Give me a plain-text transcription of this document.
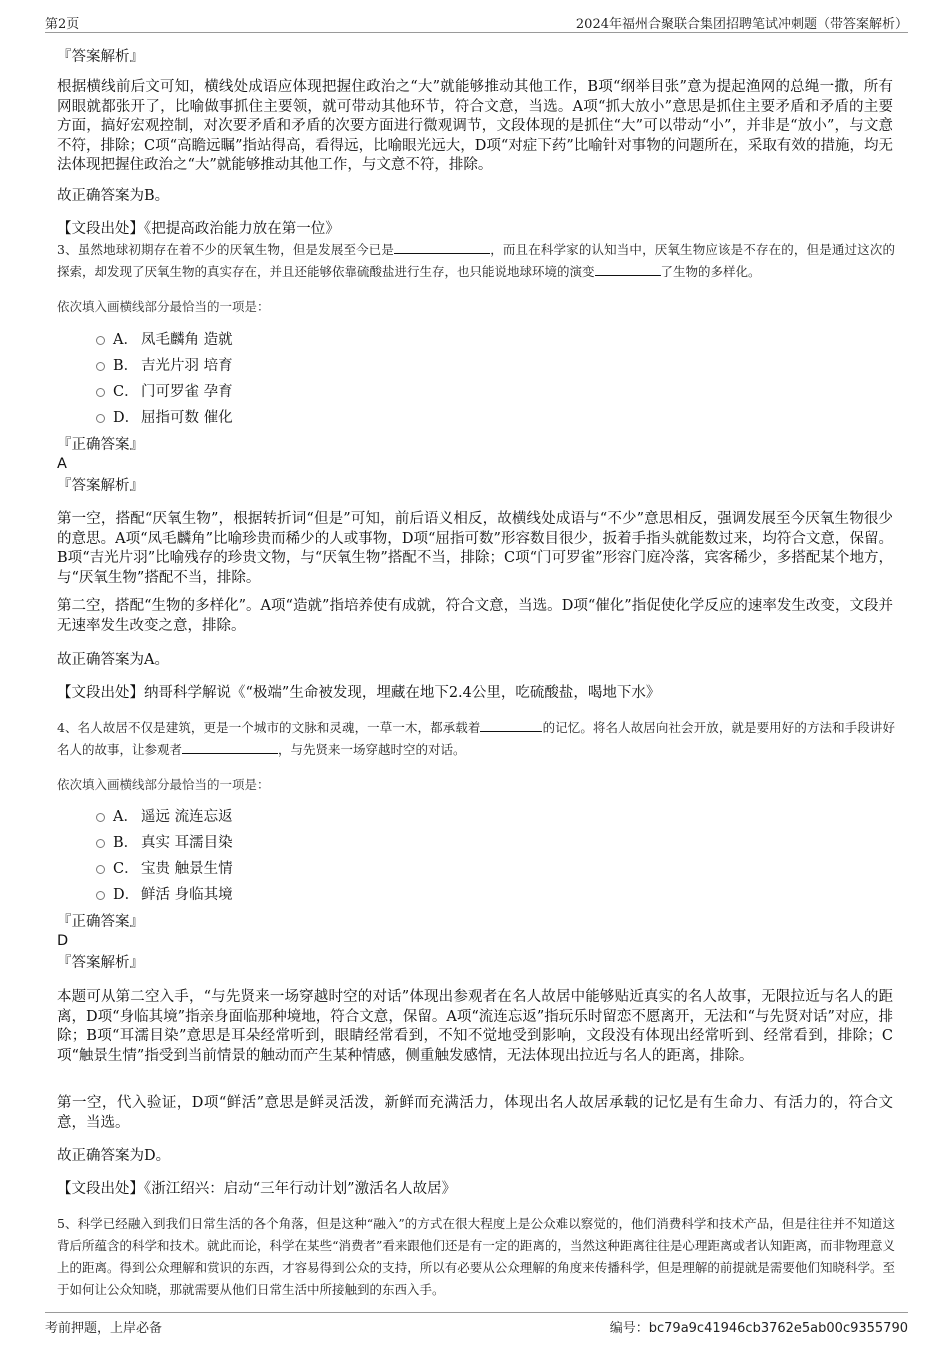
第2页	2024年福州合聚联合集团招聘笔试冲刺题（带答案解析）
『答案解析』
根据横线前后文可知，横线处成语应体现把握住政治之“大”就能够推动其他工作，B项“纲举目张”意为提起渔网的总绳一撒，所有网眼就都张开了，比喻做事抓住主要领，就可带动其他环节，符合文意，当选。A项“抓大放小”意思是抓住主要矛盾和矛盾的主要方面，搞好宏观控制，对次要矛盾和矛盾的次要方面进行微观调节，文段体现的是抓住“大”可以带动“小”，并非是“放小”，与文意不符，排除；C项“高瞻远瞩”指站得高，看得远，比喻眼光远大，D项“对症下药”比喻针对事物的问题所在，采取有效的措施，均无法体现把握住政治之“大”就能够推动其他工作，与文意不符，排除。
故正确答案为B。
【文段出处】《把提高政治能力放在第一位》
3、虽然地球初期存在着不少的厌氧生物，但是发展至今已是	，而且在科学家的认知当中，厌氧生物应该是不存在的，但是通过这次的探索，却发现了厌氧生物的真实存在，并且还能够依靠硫酸盐进行生存，也只能说地球环境的演变	了生物的多样化。
依次填入画横线部分最恰当的一项是：
A． 凤毛麟角 造就
B． 吉光片羽 培育
C． 门可罗雀 孕育
D． 屈指可数 催化
『正确答案』
A
『答案解析』
第一空，搭配“厌氧生物”，根据转折词“但是”可知，前后语义相反，故横线处成语与“不少”意思相反，强调发展至今厌氧生物很少的意思。A项“凤毛麟角”比喻珍贵而稀少的人或事物，D项“屈指可数”形容数目很少，扳着手指头就能数过来，均符合文意，保留。B项“吉光片羽”比喻残存的珍贵文物，与“厌氧生物”搭配不当，排除；C项“门可罗雀”形容门庭冷落，宾客稀少，多搭配某个地方，与“厌氧生物”搭配不当，排除。
第二空，搭配“生物的多样化”。A项“造就”指培养使有成就，符合文意，当选。D项“催化”指促使化学反应的速率发生改变，文段并无速率发生改变之意，排除。
故正确答案为A。
【文段出处】纳哥科学解说《“极端”生命被发现，埋藏在地下2.4公里，吃硫酸盐，喝地下水》
4、名人故居不仅是建筑，更是一个城市的文脉和灵魂，一草一木，都承载着	的记忆。将名人故居向社会开放，就是要用好的方法和手段讲好名人的故事，让参观者	，与先贤来一场穿越时空的对话。
依次填入画横线部分最恰当的一项是：
A． 遥远 流连忘返
B． 真实 耳濡目染
C． 宝贵 触景生情
D． 鲜活 身临其境
『正确答案』
D
『答案解析』
本题可从第二空入手，“与先贤来一场穿越时空的对话”体现出参观者在名人故居中能够贴近真实的名人故事，无限拉近与名人的距离，D项“身临其境”指亲身面临那种境地，符合文意，保留。A项“流连忘返”指玩乐时留恋不愿离开，无法和“与先贤对话”对应，排除；B项“耳濡目染”意思是耳朵经常听到，眼睛经常看到，不知不觉地受到影响，文段没有体现出经常听到、经常看到，排除；C项“触景生情”指受到当前情景的触动而产生某种情感，侧重触发感情，无法体现出拉近与名人的距离，排除。
第一空，代入验证，D项“鲜活”意思是鲜灵活泼，新鲜而充满活力，体现出名人故居承载的记忆是有生命力、有活力的，符合文意，当选。
故正确答案为D。
【文段出处】《浙江绍兴：启动“三年行动计划”激活名人故居》
5、科学已经融入到我们日常生活的各个角落，但是这种“融入”的方式在很大程度上是公众难以察觉的，他们消费科学和技术产品，但是往往并不知道这背后所蕴含的科学和技术。就此而论，科学在某些“消费者”看来跟他们还是有一定的距离的，当然这种距离往往是心理距离或者认知距离，而非物理意义上的距离。得到公众理解和赏识的东西，才容易得到公众的支持，所以有必要从公众理解的角度来传播科学，但是理解的前提就是需要他们知晓科学。至于如何让公众知晓，那就需要从他们日常生活中所接触到的东西入手。
考前押题，上岸必备	编号：bc79a9c41946cb3762e5ab00c9355790
